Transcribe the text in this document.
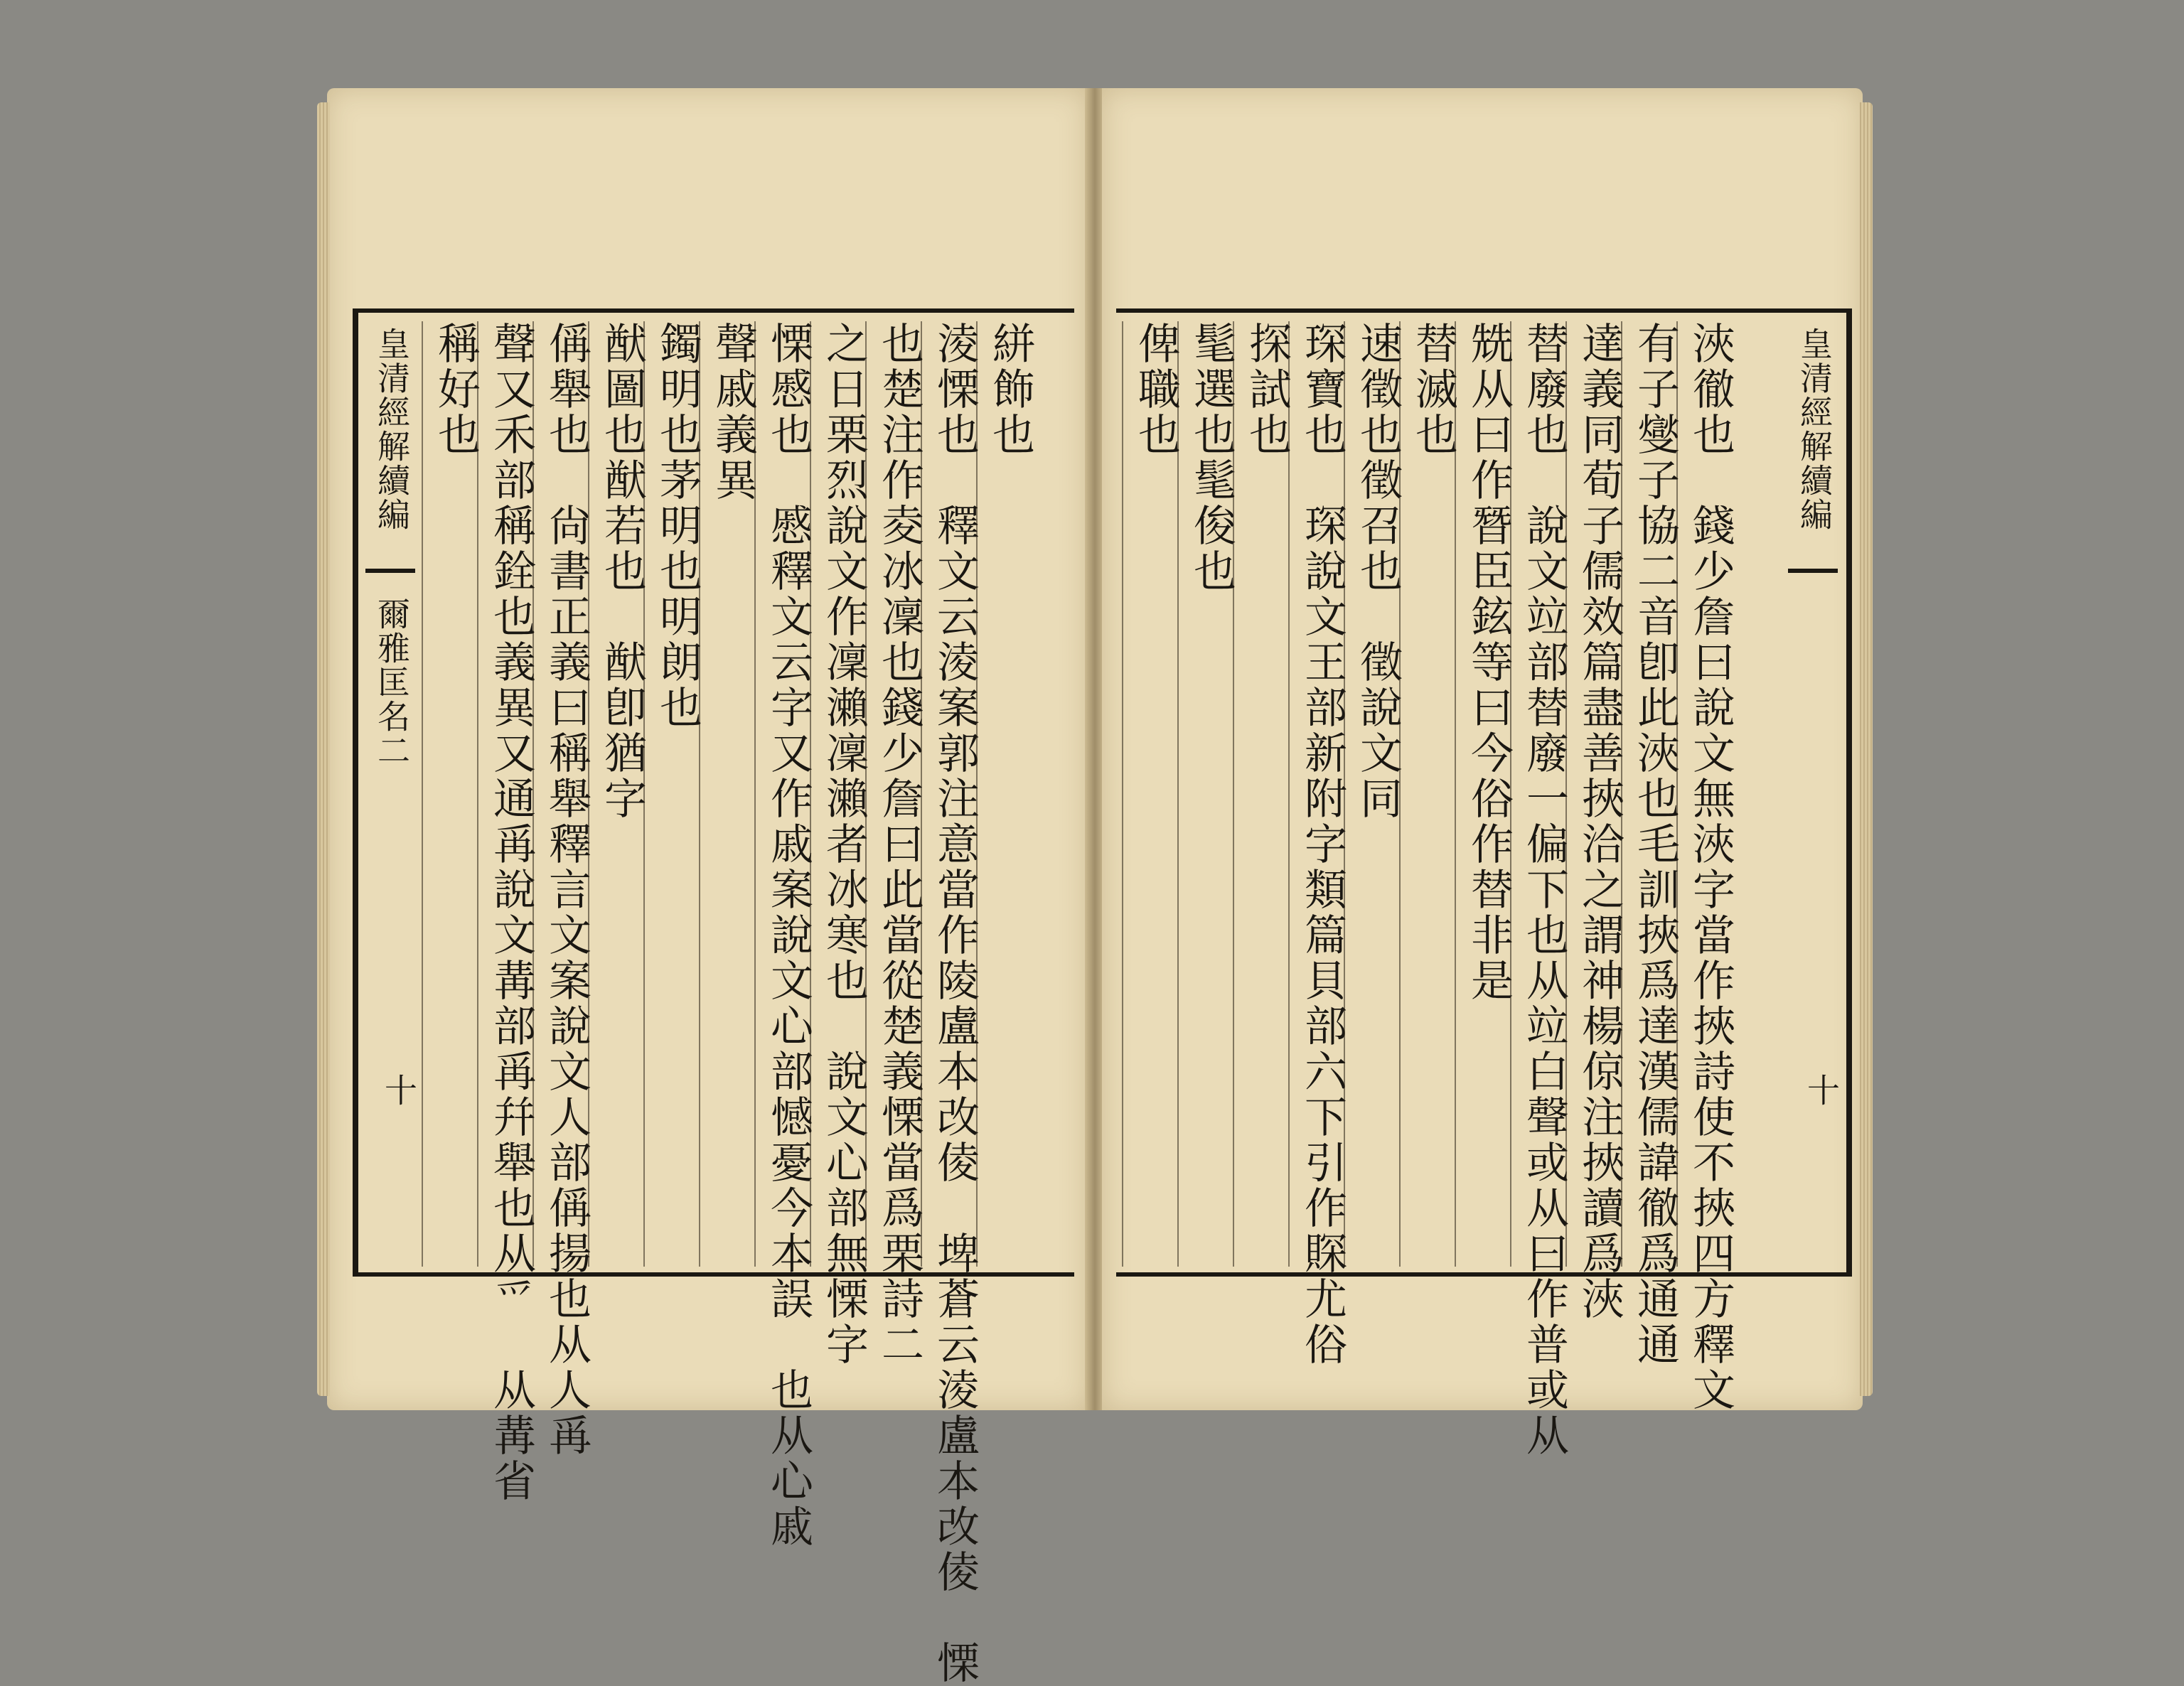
皇清經解續編
爾雅匡名二
十
稱好也 聲又禾部稱銓也義異又通爯說文冓部爯幷舉也从爫　从冓省 偁舉也　尙書正義曰稱舉釋言文案說文人部偁揚也从人爯 猷圖也猷若也　猷卽猶字 鐲明也茅明也明朗也 聲戚義異 慄慼也　慼釋文云字又作戚案說文心部憾憂今本誤　也从心戚 之日栗烈說文作凜瀨凜瀨者冰寒也　說文心部無慄字 也楚注作夌冰凜也錢少詹曰此當從楚義慄當爲栗詩二 淩慄也　釋文云淩案郭注意當作陵盧本改倰　埤蒼云淩盧本改倰　慄 絣飾也 俾職也 髦選也髦俊也 探試也 琛寶也　琛說文王部新附字類篇貝部六下引作賝尤俗 速徵也徵召也　徵說文同 替滅也 兟从曰作朁臣鉉等曰今俗作替非是 替廢也　說文竝部替廢一偏下也从竝白聲或从曰作普或从 達義同荀子儒效篇盡善挾洽之謂神楊倞注挾讀爲浹 有子燮子協二音卽此浹也毛訓挾爲達漢儒諱徹爲通通 浹徹也　錢少詹曰說文無浹字當作挾詩使不挾四方釋文 皇清經解續編
十
